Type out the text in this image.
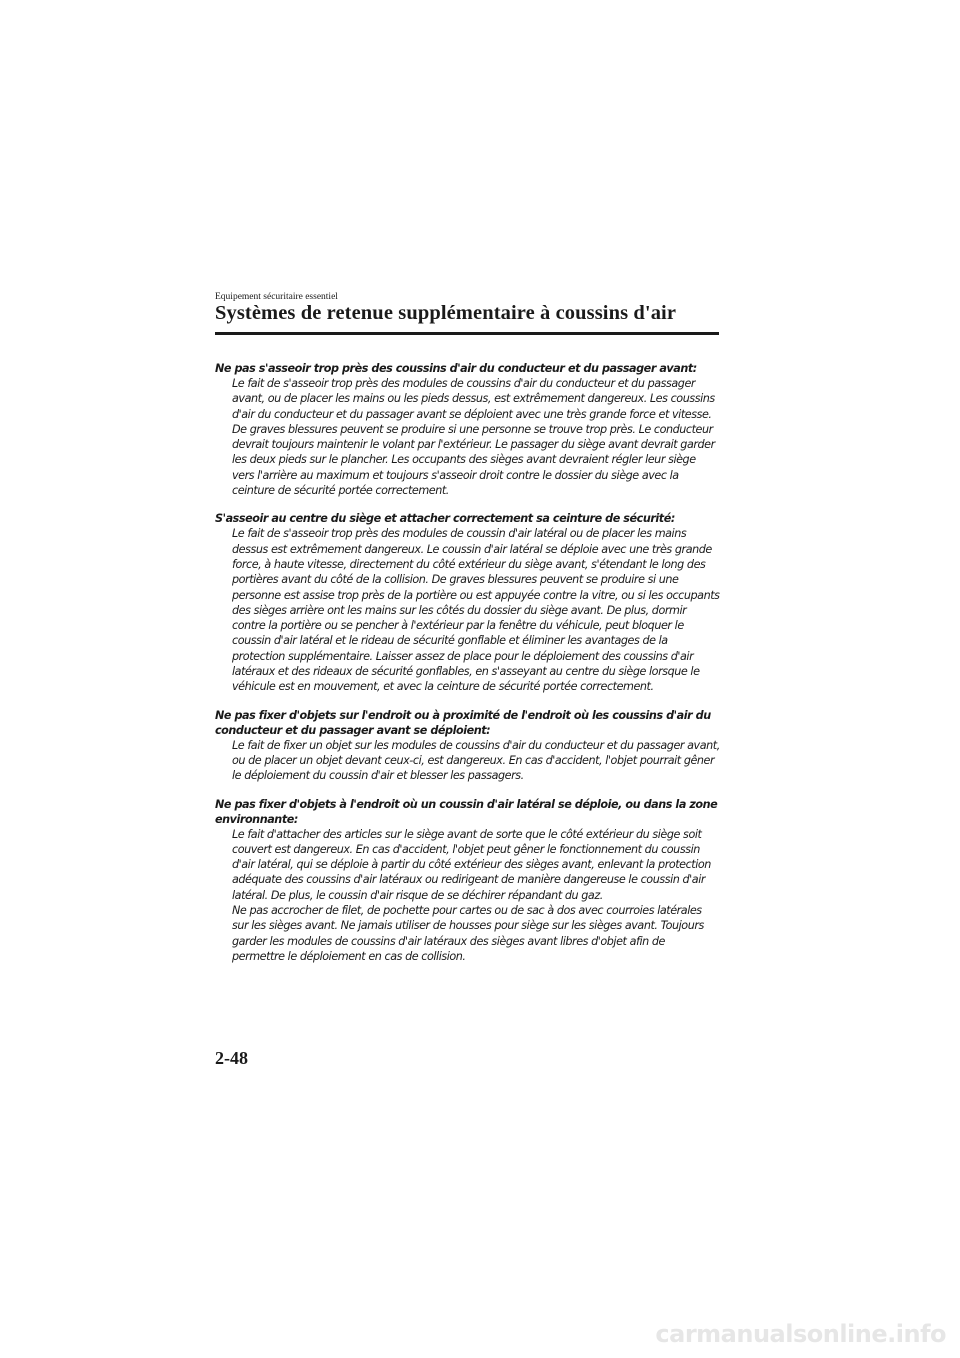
Equipement sécuritaire essentiel
Systèmes de retenue supplémentaire à coussins d'air
Ne pas s'asseoir trop près des coussins d'air du conducteur et du passager avant:
Le fait de s'asseoir trop près des modules de coussins d'air du conducteur et du passager avant, ou de placer les mains ou les pieds dessus, est extrêmement dangereux. Les coussins d'air du conducteur et du passager avant se déploient avec une très grande force et vitesse. De graves blessures peuvent se produire si une personne se trouve trop près. Le conducteur devrait toujours maintenir le volant par l'extérieur. Le passager du siège avant devrait garder les deux pieds sur le plancher. Les occupants des sièges avant devraient régler leur siège vers l'arrière au maximum et toujours s'asseoir droit contre le dossier du siège avec la ceinture de sécurité portée correctement.
S'asseoir au centre du siège et attacher correctement sa ceinture de sécurité:
Le fait de s'asseoir trop près des modules de coussin d'air latéral ou de placer les mains dessus est extrêmement dangereux. Le coussin d'air latéral se déploie avec une très grande force, à haute vitesse, directement du côté extérieur du siège avant, s'étendant le long des portières avant du côté de la collision. De graves blessures peuvent se produire si une personne est assise trop près de la portière ou est appuyée contre la vitre, ou si les occupants des sièges arrière ont les mains sur les côtés du dossier du siège avant. De plus, dormir contre la portière ou se pencher à l'extérieur par la fenêtre du véhicule, peut bloquer le coussin d'air latéral et le rideau de sécurité gonflable et éliminer les avantages de la protection supplémentaire. Laisser assez de place pour le déploiement des coussins d'air latéraux et des rideaux de sécurité gonflables, en s'asseyant au centre du siège lorsque le véhicule est en mouvement, et avec la ceinture de sécurité portée correctement.
Ne pas fixer d'objets sur l'endroit ou à proximité de l'endroit où les coussins d'air du conducteur et du passager avant se déploient:
Le fait de fixer un objet sur les modules de coussins d'air du conducteur et du passager avant, ou de placer un objet devant ceux-ci, est dangereux. En cas d'accident, l'objet pourrait gêner le déploiement du coussin d'air et blesser les passagers.
Ne pas fixer d'objets à l'endroit où un coussin d'air latéral se déploie, ou dans la zone environnante:
Le fait d'attacher des articles sur le siège avant de sorte que le côté extérieur du siège soit couvert est dangereux. En cas d'accident, l'objet peut gêner le fonctionnement du coussin d'air latéral, qui se déploie à partir du côté extérieur des sièges avant, enlevant la protection adéquate des coussins d'air latéraux ou redirigeant de manière dangereuse le coussin d'air latéral. De plus, le coussin d'air risque de se déchirer répandant du gaz.
Ne pas accrocher de filet, de pochette pour cartes ou de sac à dos avec courroies latérales sur les sièges avant. Ne jamais utiliser de housses pour siège sur les sièges avant. Toujours garder les modules de coussins d'air latéraux des sièges avant libres d'objet afin de permettre le déploiement en cas de collision.
2-48
carmanualsonline.info
